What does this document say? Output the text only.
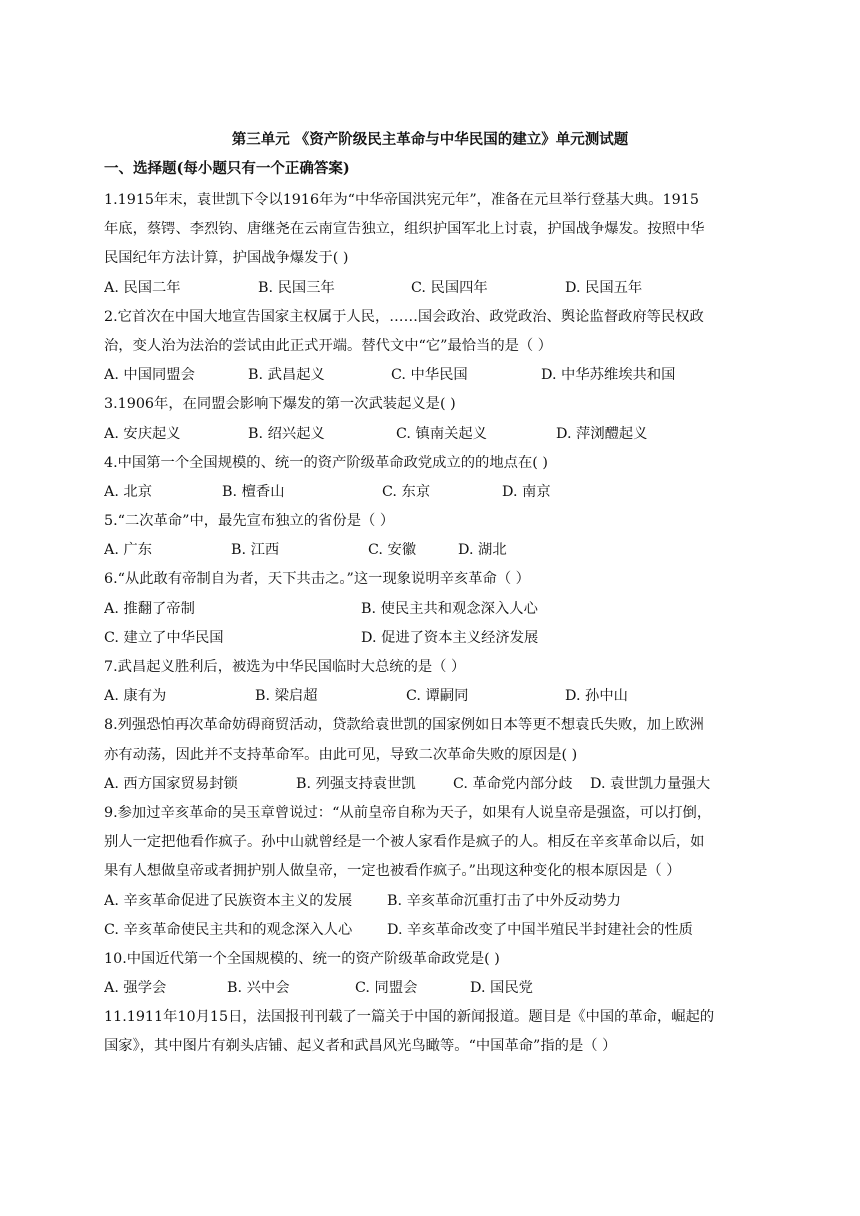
第三单元 《资产阶级民主革命与中华民国的建立》单元测试题
一、选择题(每小题只有一个正确答案)
1.1915年末，袁世凯下令以1916年为“中华帝国洪宪元年”，准备在元旦举行登基大典。1915
年底，蔡锷、李烈钧、唐继尧在云南宣告独立，组织护国军北上讨袁，护国战争爆发。按照中华
民国纪年方法计算，护国战争爆发于( )
A. 民国二年	B. 民国三年	C. 民国四年	D. 民国五年
2.它首次在中国大地宣告国家主权属于人民，……国会政治、政党政治、舆论监督政府等民权政
治，变人治为法治的尝试由此正式开端。替代文中“它”最恰当的是（ ）
A. 中国同盟会	B. 武昌起义	C. 中华民国	D. 中华苏维埃共和国
3.1906年，在同盟会影响下爆发的第一次武装起义是( )
A. 安庆起义	B. 绍兴起义	C. 镇南关起义	D. 萍浏醴起义
4.中国第一个全国规模的、统一的资产阶级革命政党成立的的地点在( )
A. 北京	B. 檀香山	C. 东京	D. 南京
5.“二次革命”中，最先宣布独立的省份是（ ）
A. 广东	B. 江西	C. 安徽	D. 湖北
6.“从此敢有帝制自为者，天下共击之。”这一现象说明辛亥革命（ ）
A. 推翻了帝制	B. 使民主共和观念深入人心
C. 建立了中华民国	D. 促进了资本主义经济发展
7.武昌起义胜利后，被选为中华民国临时大总统的是（ ）
A. 康有为	B. 梁启超	C. 谭嗣同	D. 孙中山
8.列强恐怕再次革命妨碍商贸活动，贷款给袁世凯的国家例如日本等更不想袁氏失败，加上欧洲
亦有动荡，因此并不支持革命军。由此可见，导致二次革命失败的原因是( )
A. 西方国家贸易封锁	B. 列强支持袁世凯	C. 革命党内部分歧 D. 袁世凯力量强大
9.参加过辛亥革命的吴玉章曾说过：“从前皇帝自称为天子，如果有人说皇帝是强盗，可以打倒，
别人一定把他看作疯子。孙中山就曾经是一个被人家看作是疯子的人。相反在辛亥革命以后，如
果有人想做皇帝或者拥护别人做皇帝，一定也被看作疯子。”出现这种变化的根本原因是（ ）
A. 辛亥革命促进了民族资本主义的发展 B. 辛亥革命沉重打击了中外反动势力
C. 辛亥革命使民主共和的观念深入人心 D. 辛亥革命改变了中国半殖民半封建社会的性质
10.中国近代第一个全国规模的、统一的资产阶级革命政党是( )
A. 强学会	B. 兴中会	C. 同盟会	D. 国民党
11.1911年10月15日，法国报刊刊载了一篇关于中国的新闻报道。题目是《中国的革命，崛起的
国家》，其中图片有剃头店铺、起义者和武昌风光鸟瞰等。“中国革命”指的是（ ）
